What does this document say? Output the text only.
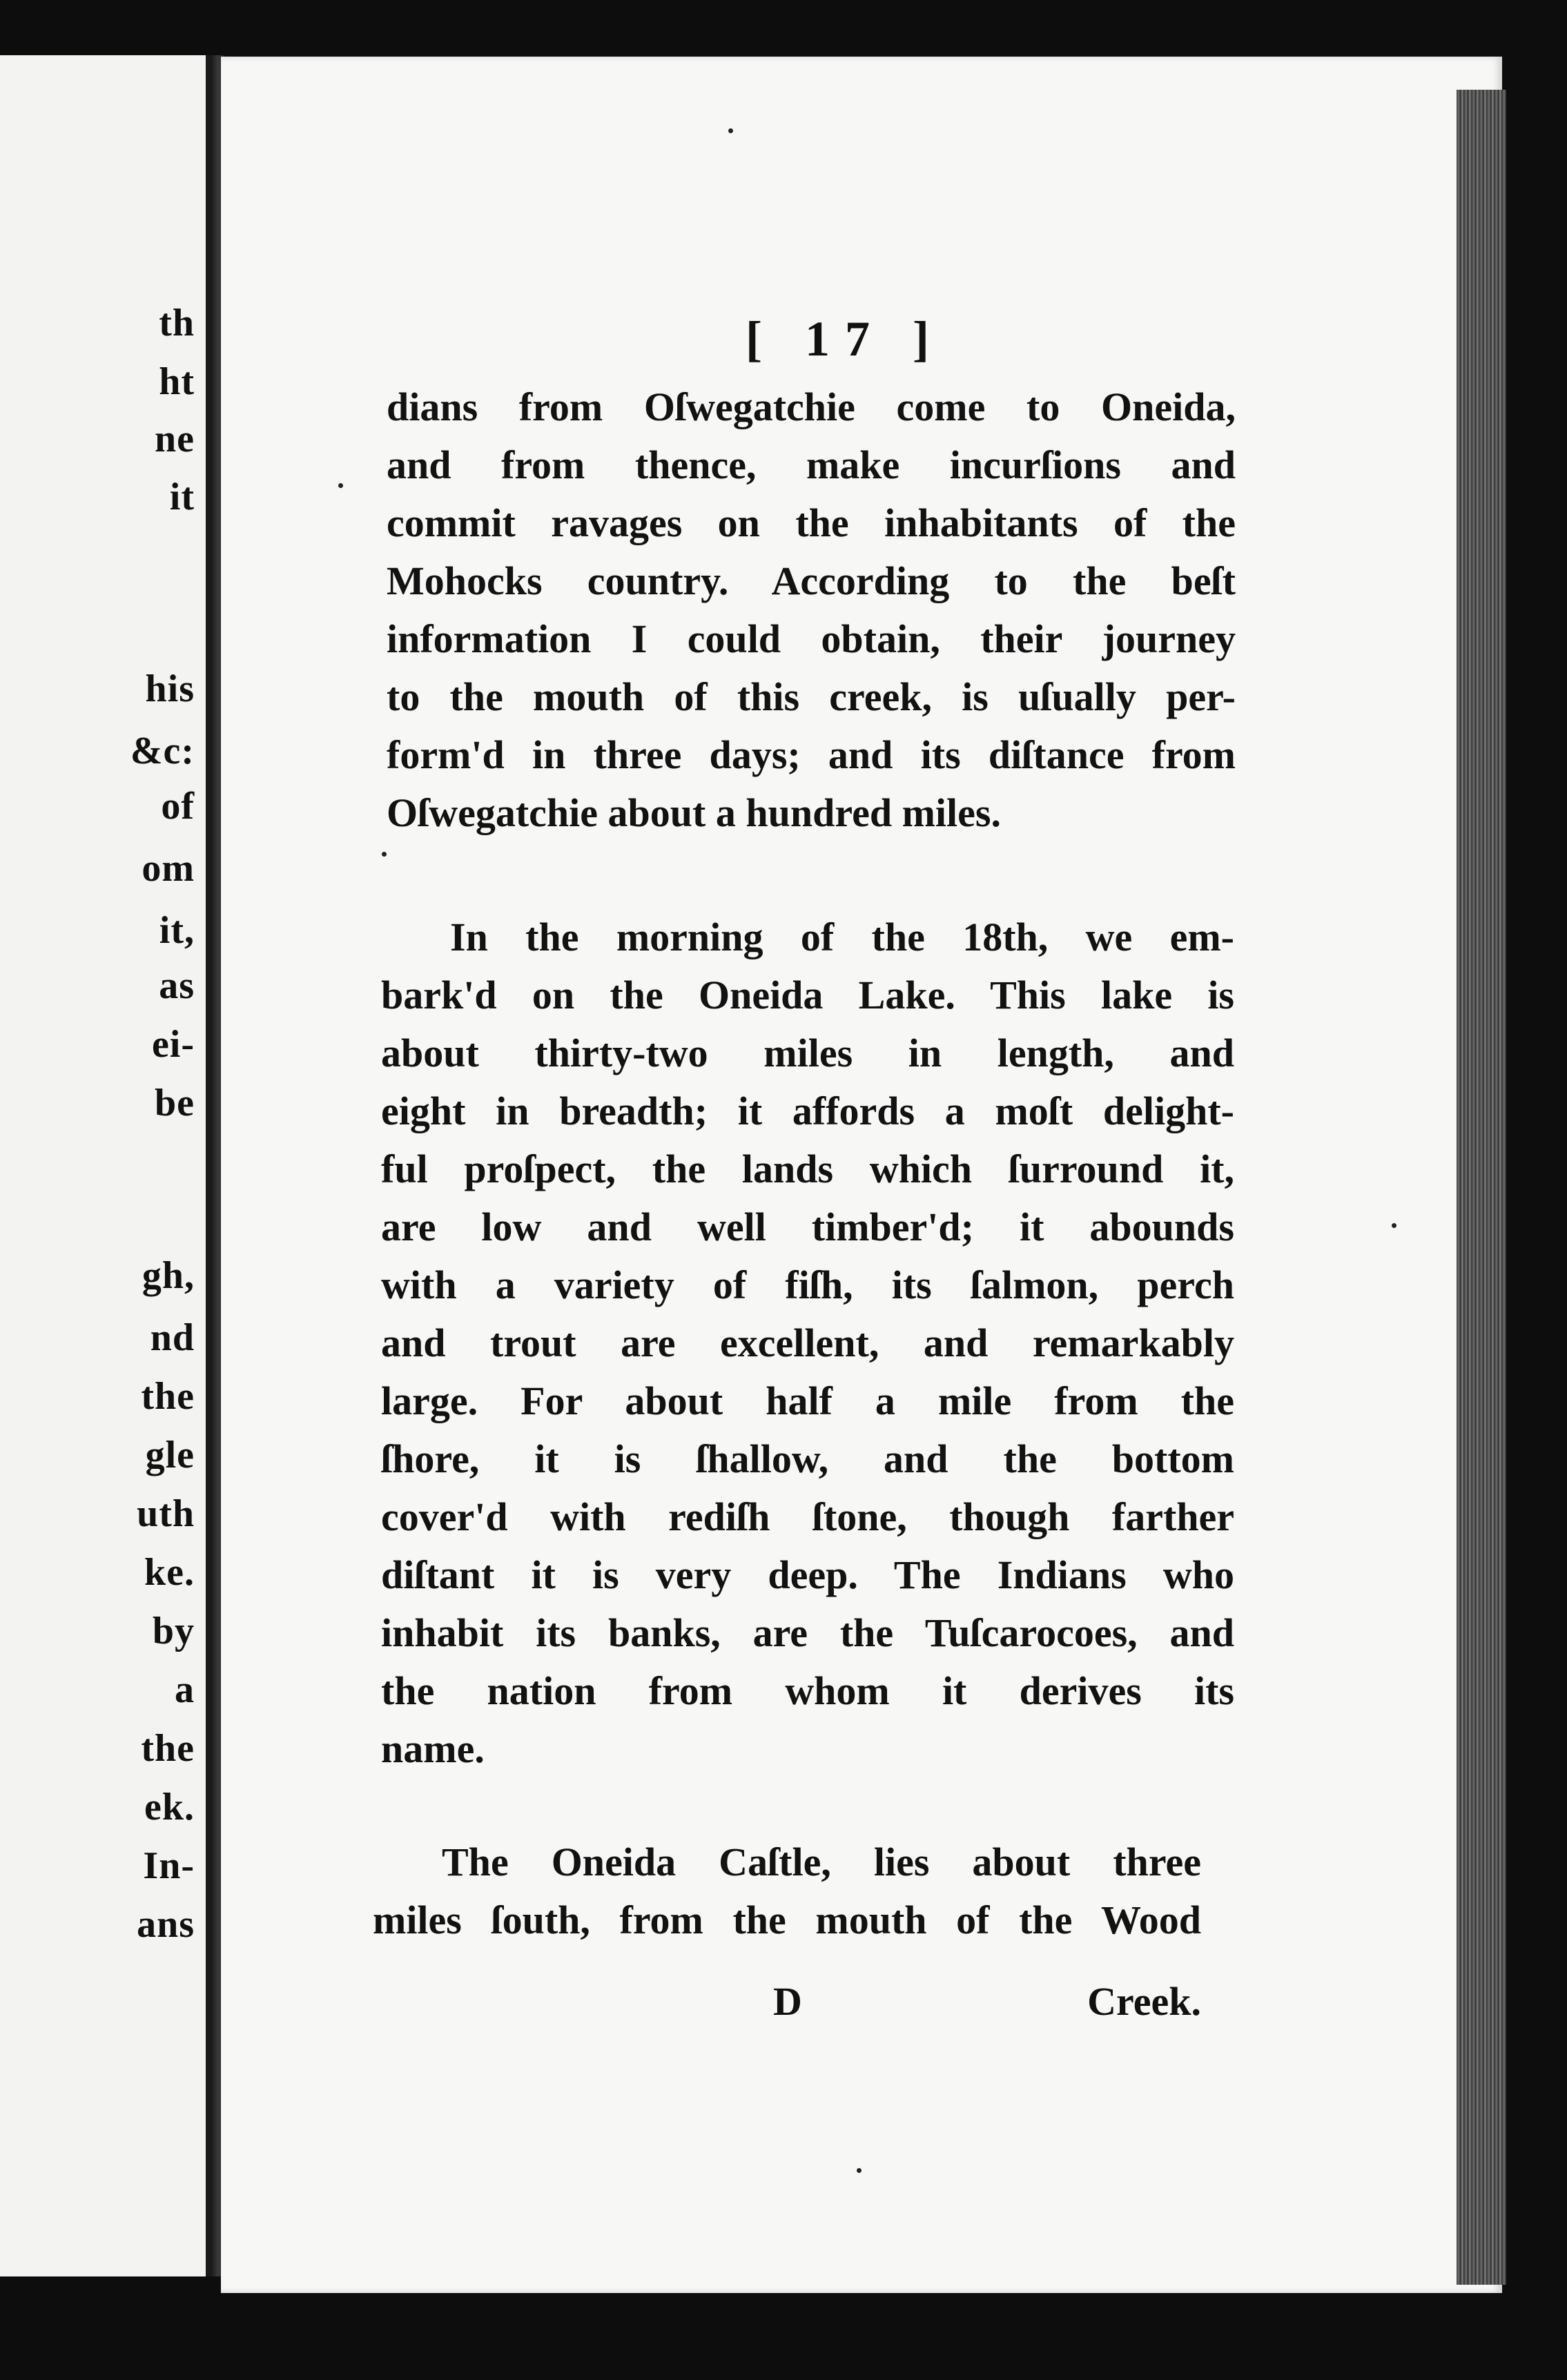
th
ht
ne
it
his
&c:
of
om
it,
as
ei-
be
gh,
nd
the
gle
uth
ke.
by
a
the
ek.
In-
ans
[ 17 ]
dians from Oſwegatchie come to Oneida,
and from thence, make incurſions and
commit ravages on the inhabitants of the
Mohocks country. According to the beſt
information I could obtain, their journey
to the mouth of this creek, is uſually per-
form'd in three days; and its diſtance from
Oſwegatchie about a hundred miles.
In the morning of the 18th, we em-
bark'd on the Oneida Lake. This lake is
about thirty-two miles in length, and
eight in breadth; it affords a moſt delight-
ful proſpect, the lands which ſurround it,
are low and well timber'd; it abounds
with a variety of fiſh, its ſalmon, perch
and trout are excellent, and remarkably
large. For about half a mile from the
ſhore, it is ſhallow, and the bottom
cover'd with rediſh ſtone, though farther
diſtant it is very deep. The Indians who
inhabit its banks, are the Tuſcarocoes, and
the nation from whom it derives its
name.
The Oneida Caſtle, lies about three
miles ſouth, from the mouth of the Wood
D	Creek.
